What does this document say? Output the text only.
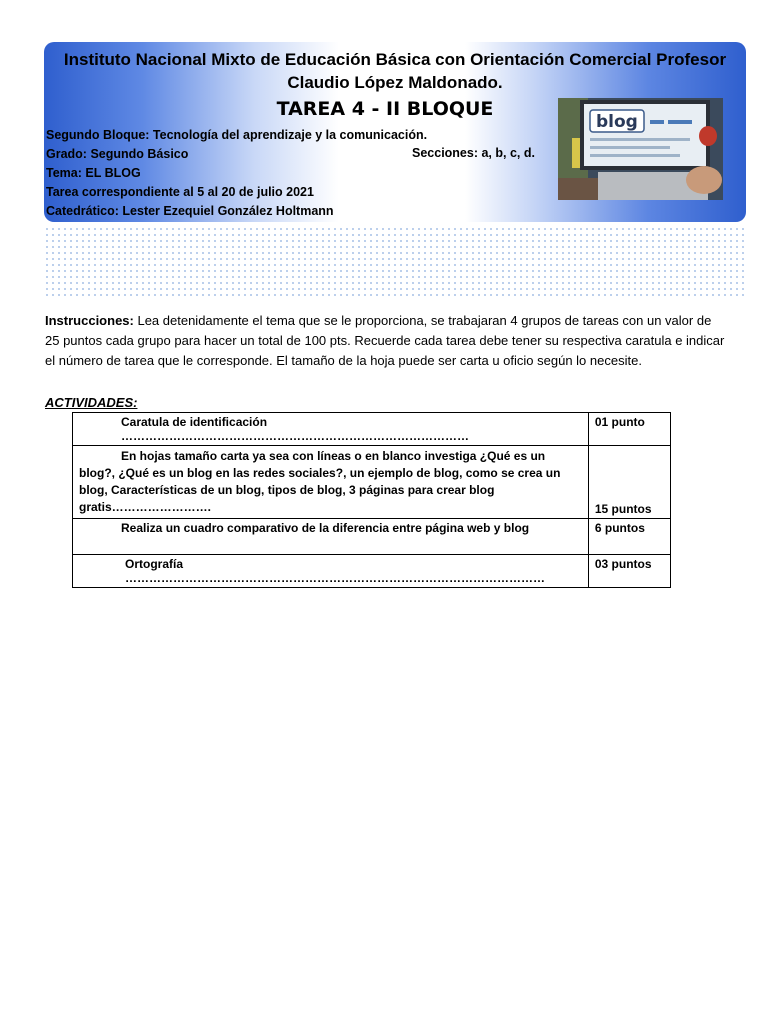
Instituto Nacional Mixto de Educación Básica con Orientación Comercial Profesor
Claudio López Maldonado.
TAREA 4 - II BLOQUE
Segundo Bloque: Tecnología del aprendizaje y la comunicación.
Grado: Segundo Básico	Secciones: a, b, c, d.
Tema: EL BLOG
Tarea correspondiente al 5 al 20 de julio 2021
Catedrático: Lester Ezequiel González Holtmann
blog
Instrucciones: Lea detenidamente el tema que se le proporciona, se trabajaran 4 grupos de tareas con un valor de 25 puntos cada grupo para hacer un total de 100 pts. Recuerde cada tarea debe tener su respectiva caratula e indicar el número de tarea que le corresponde. El tamaño de la hoja puede ser carta u oficio según lo necesite.
ACTIVIDADES:
Caratula de identificación ……………………………………………………………………………	01 punto
En hojas tamaño carta ya sea con líneas o en blanco investiga ¿Qué es un blog?, ¿Qué es un blog en las redes sociales?, un ejemplo de blog, como se crea un blog, Características de un blog, tipos de blog, 3 páginas para crear blog gratis…………………….	15 puntos
Realiza un cuadro comparativo de la diferencia entre página web y blog	6 puntos
Ortografía ……………………………………………………………………………………………	03 puntos
